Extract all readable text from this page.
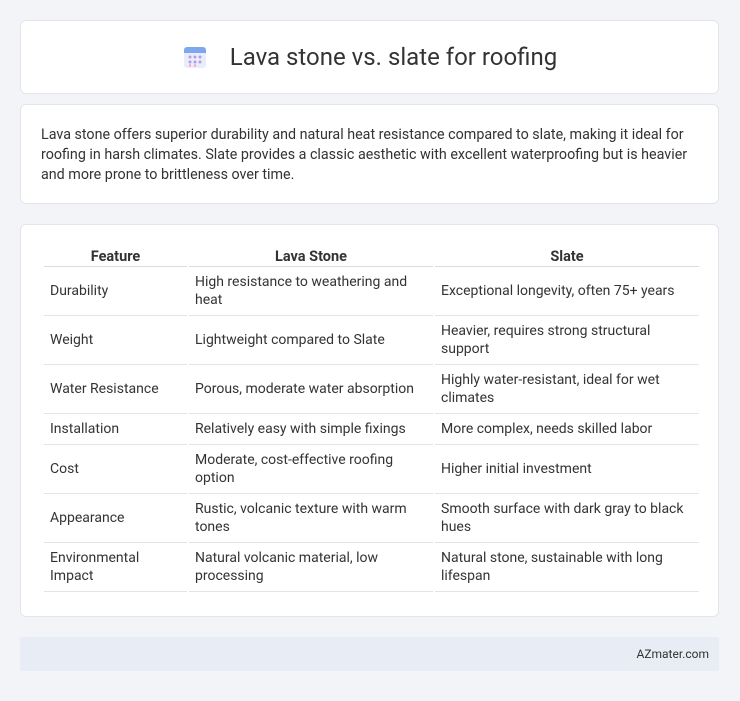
Lava stone vs. slate for roofing

Lava stone offers superior durability and natural heat resistance compared to slate, making it ideal for roofing in harsh climates. Slate provides a classic aesthetic with excellent waterproofing but is heavier and more prone to brittleness over time.

Feature	Lava Stone	Slate
Durability	High resistance to weathering and heat	Exceptional longevity, often 75+ years
Weight	Lightweight compared to Slate	Heavier, requires strong structural support
Water Resistance	Porous, moderate water absorption	Highly water-resistant, ideal for wet climates
Installation	Relatively easy with simple fixings	More complex, needs skilled labor
Cost	Moderate, cost-effective roofing option	Higher initial investment
Appearance	Rustic, volcanic texture with warm tones	Smooth surface with dark gray to black hues
Environmental Impact	Natural volcanic material, low processing	Natural stone, sustainable with long lifespan
AZmater.com
